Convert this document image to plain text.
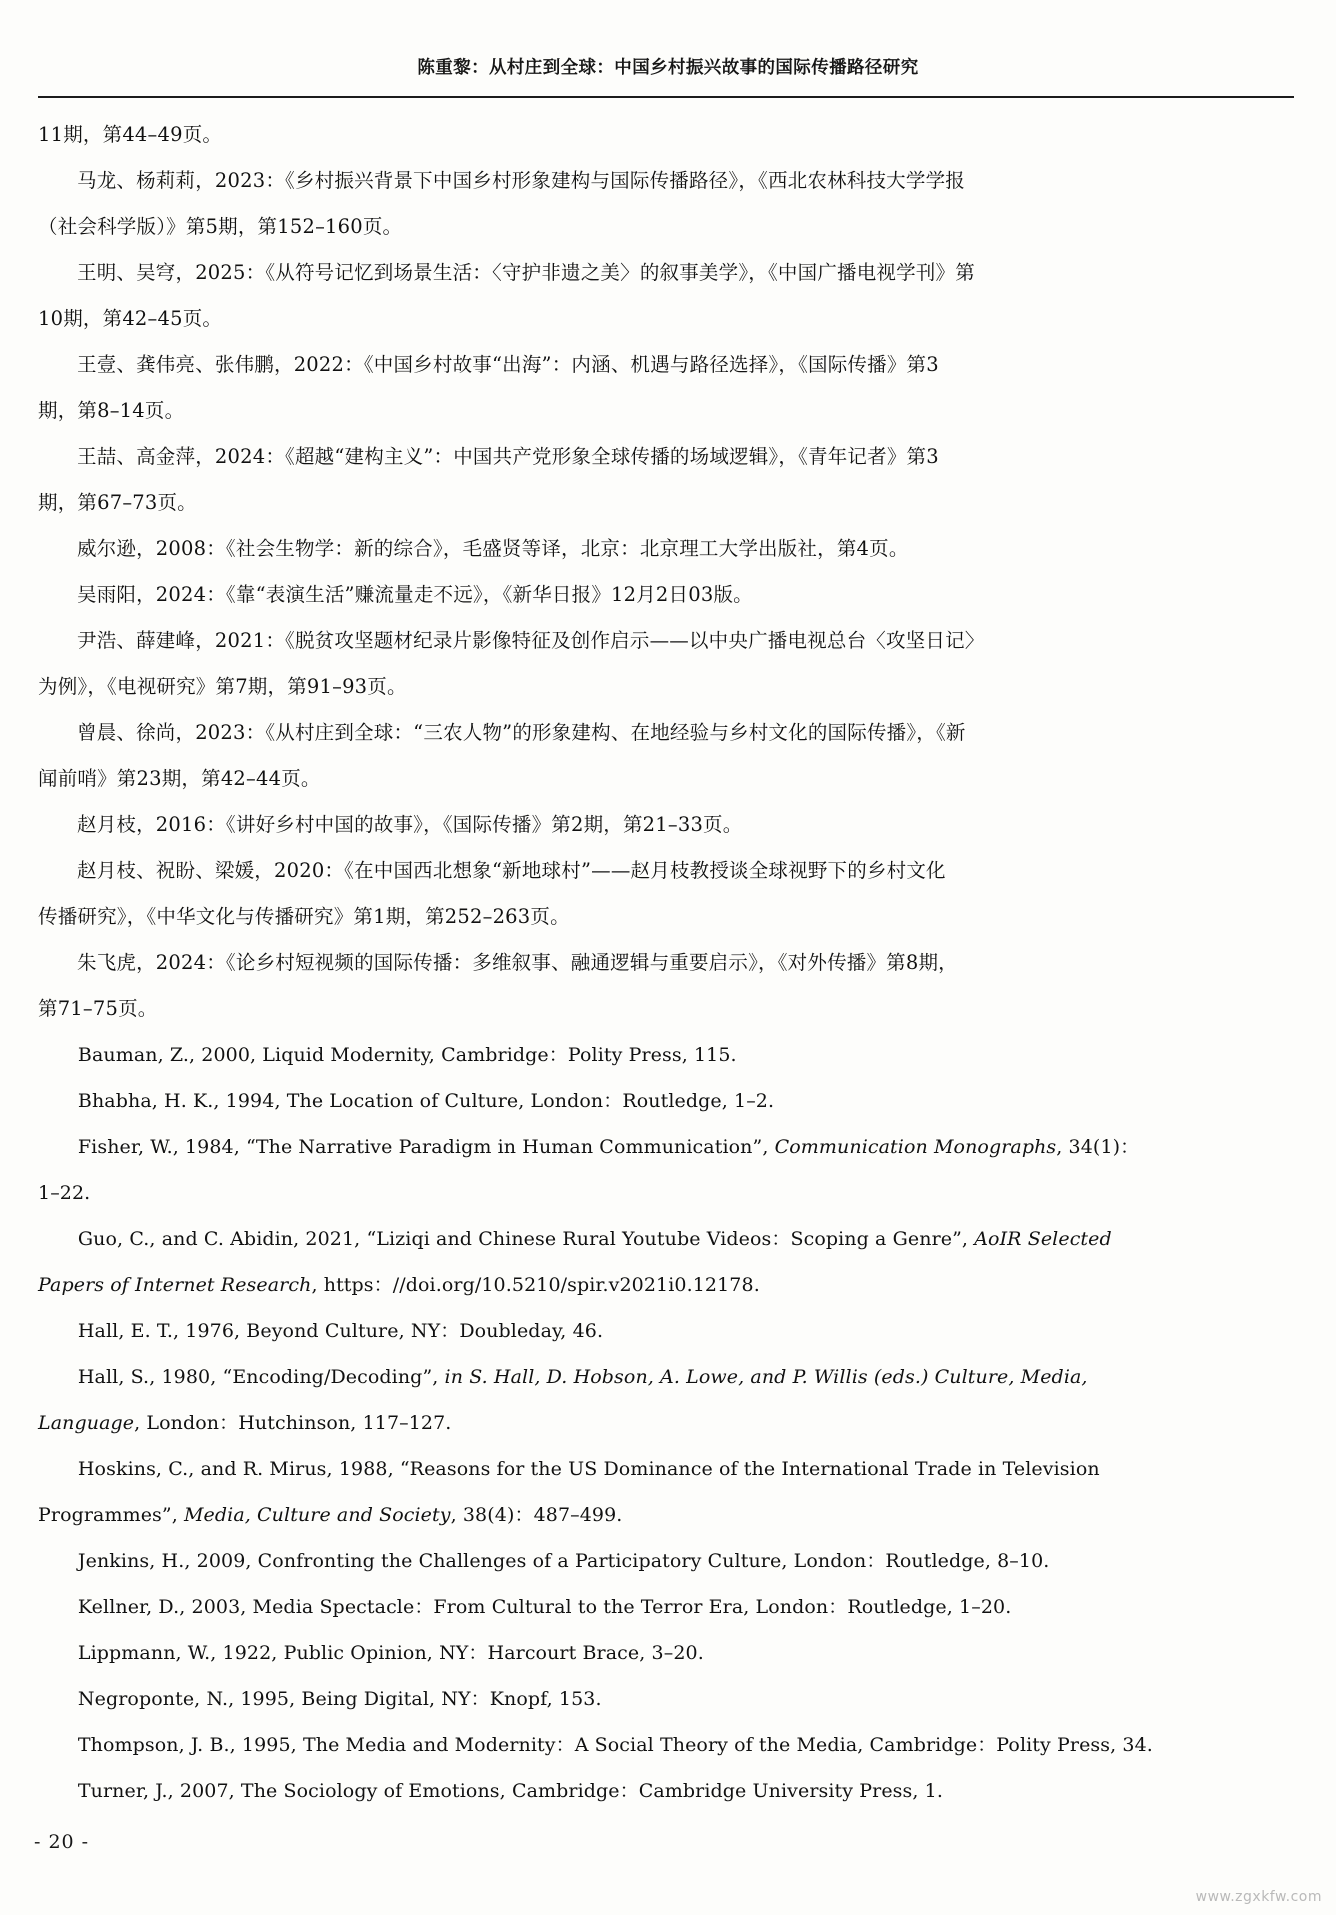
陈重黎：从村庄到全球：中国乡村振兴故事的国际传播路径研究

11期，第44–49页。

马龙、杨莉莉，2023：《乡村振兴背景下中国乡村形象建构与国际传播路径》，《西北农林科技大学学报

（社会科学版）》第5期，第152–160页。

王明、吴穹，2025：《从符号记忆到场景生活：〈守护非遗之美〉的叙事美学》，《中国广播电视学刊》第

10期，第42–45页。

王壹、龚伟亮、张伟鹏，2022：《中国乡村故事“出海”：内涵、机遇与路径选择》，《国际传播》第3

期，第8–14页。

王喆、高金萍，2024：《超越“建构主义”：中国共产党形象全球传播的场域逻辑》，《青年记者》第3

期，第67–73页。

威尔逊，2008：《社会生物学：新的综合》，毛盛贤等译，北京：北京理工大学出版社，第4页。

吴雨阳，2024：《靠“表演生活”赚流量走不远》，《新华日报》12月2日03版。

尹浩、薛建峰，2021：《脱贫攻坚题材纪录片影像特征及创作启示——以中央广播电视总台〈攻坚日记〉

为例》，《电视研究》第7期，第91–93页。

曾晨、徐尚，2023：《从村庄到全球：“三农人物”的形象建构、在地经验与乡村文化的国际传播》，《新

闻前哨》第23期，第42–44页。

赵月枝，2016：《讲好乡村中国的故事》，《国际传播》第2期，第21–33页。

赵月枝、祝盼、梁媛，2020：《在中国西北想象“新地球村”——赵月枝教授谈全球视野下的乡村文化

传播研究》，《中华文化与传播研究》第1期，第252–263页。

朱飞虎，2024：《论乡村短视频的国际传播：多维叙事、融通逻辑与重要启示》，《对外传播》第8期，

第71–75页。

Bauman, Z., 2000, Liquid Modernity, Cambridge：Polity Press, 115.

Bhabha, H. K., 1994, The Location of Culture, London：Routledge, 1–2.

Fisher, W., 1984, “The Narrative Paradigm in Human Communication”, Communication Monographs, 34(1)：

1–22.

Guo, C., and C. Abidin, 2021, “Liziqi and Chinese Rural Youtube Videos：Scoping a Genre”, AoIR Selected

Papers of Internet Research, https：//doi.org/10.5210/spir.v2021i0.12178.

Hall, E. T., 1976, Beyond Culture, NY：Doubleday, 46.

Hall, S., 1980, “Encoding/Decoding”, in S. Hall, D. Hobson, A. Lowe, and P. Willis (eds.) Culture, Media,

Language, London：Hutchinson, 117–127.

Hoskins, C., and R. Mirus, 1988, “Reasons for the US Dominance of the International Trade in Television

Programmes”, Media, Culture and Society, 38(4)：487–499.

Jenkins, H., 2009, Confronting the Challenges of a Participatory Culture, London：Routledge, 8–10.

Kellner, D., 2003, Media Spectacle：From Cultural to the Terror Era, London：Routledge, 1–20.

Lippmann, W., 1922, Public Opinion, NY：Harcourt Brace, 3–20.

Negroponte, N., 1995, Being Digital, NY：Knopf, 153.

Thompson, J. B., 1995, The Media and Modernity：A Social Theory of the Media, Cambridge：Polity Press, 34.

Turner, J., 2007, The Sociology of Emotions, Cambridge：Cambridge University Press, 1.

- 20 -
www.zgxkfw.com
